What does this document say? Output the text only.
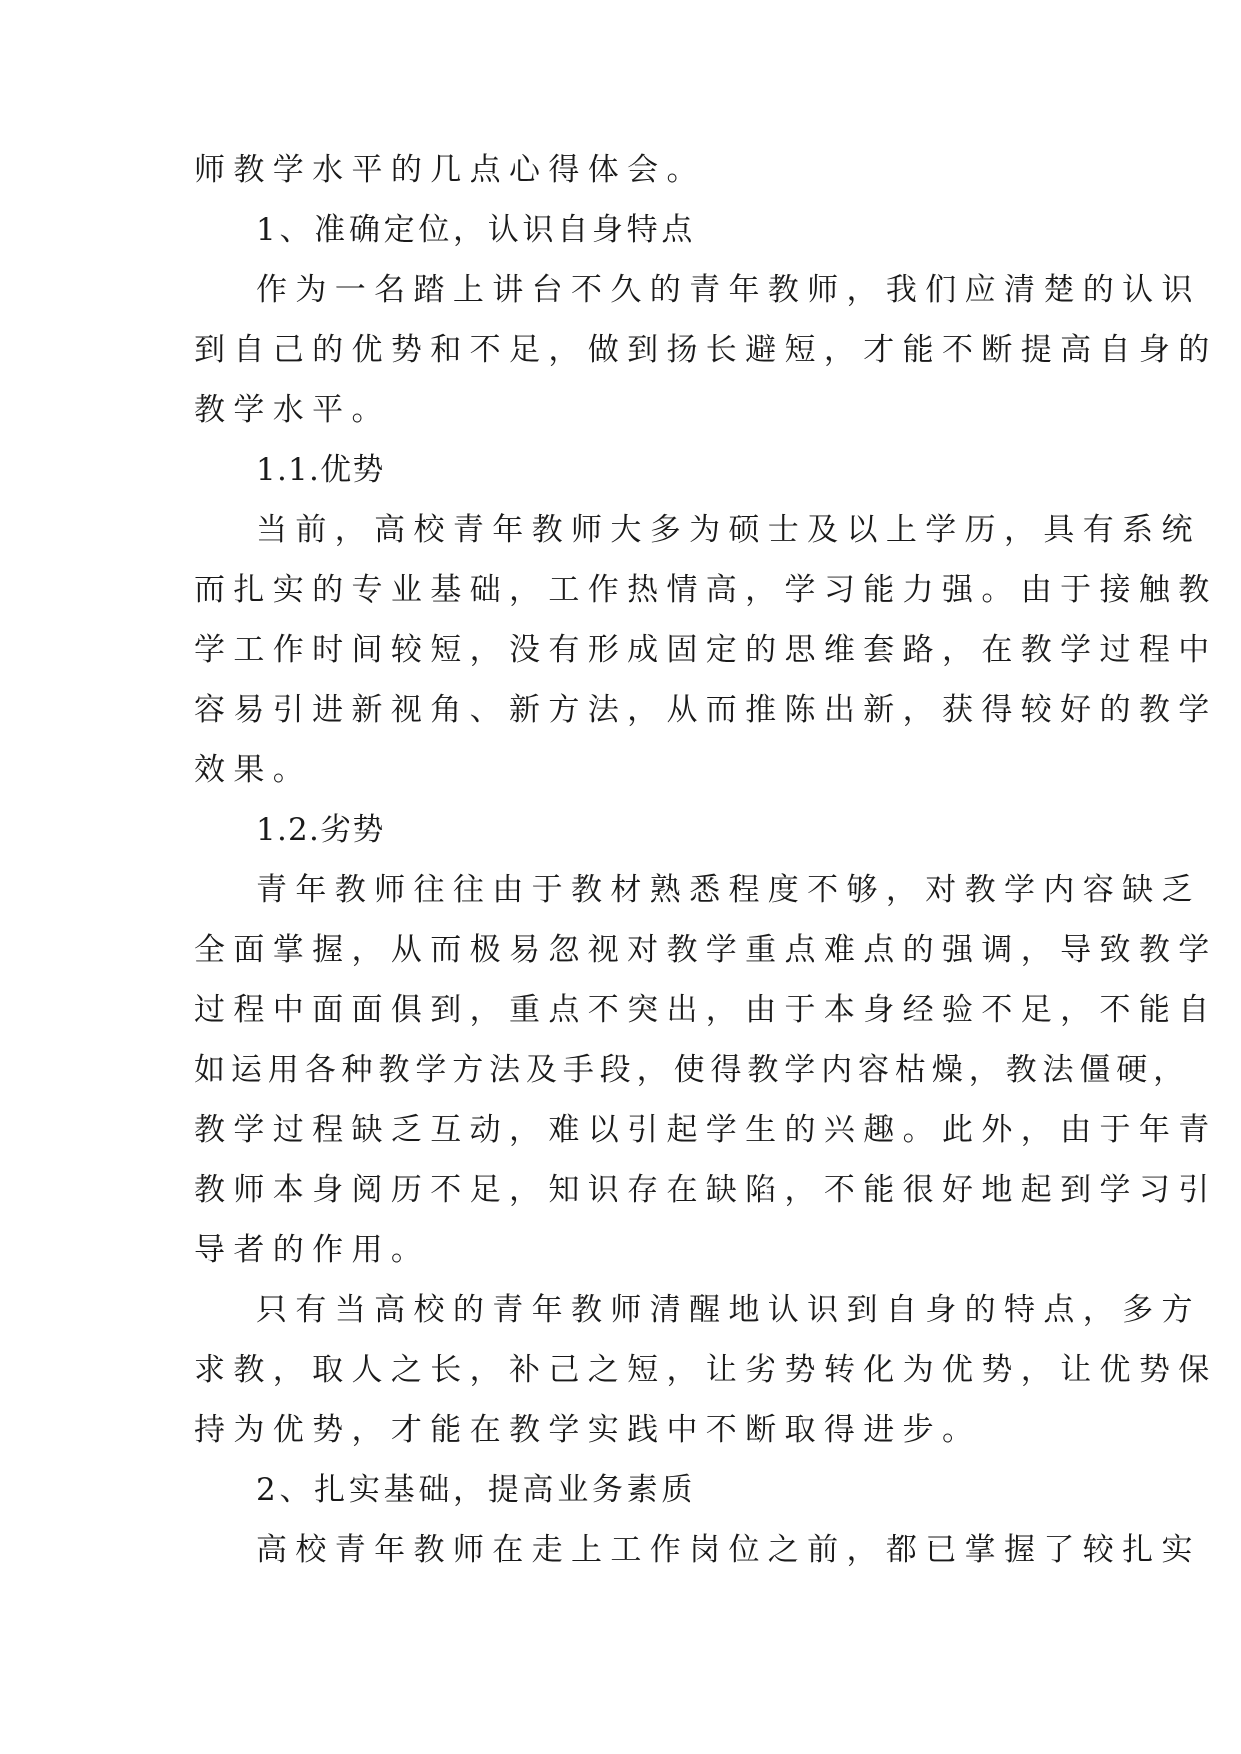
师教学水平的几点心得体会。
1、准确定位，认识自身特点
作为一名踏上讲台不久的青年教师，我们应清楚的认识
到自己的优势和不足，做到扬长避短，才能不断提高自身的
教学水平。
1.1.优势
当前，高校青年教师大多为硕士及以上学历，具有系统
而扎实的专业基础，工作热情高，学习能力强。由于接触教
学工作时间较短，没有形成固定的思维套路，在教学过程中
容易引进新视角、新方法，从而推陈出新，获得较好的教学
效果。
1.2.劣势
青年教师往往由于教材熟悉程度不够，对教学内容缺乏
全面掌握，从而极易忽视对教学重点难点的强调，导致教学
过程中面面俱到，重点不突出，由于本身经验不足，不能自
如运用各种教学方法及手段，使得教学内容枯燥，教法僵硬，
教学过程缺乏互动，难以引起学生的兴趣。此外，由于年青
教师本身阅历不足，知识存在缺陷，不能很好地起到学习引
导者的作用。
只有当高校的青年教师清醒地认识到自身的特点，多方
求教，取人之长，补己之短，让劣势转化为优势，让优势保
持为优势，才能在教学实践中不断取得进步。
2、扎实基础，提高业务素质
高校青年教师在走上工作岗位之前，都已掌握了较扎实
